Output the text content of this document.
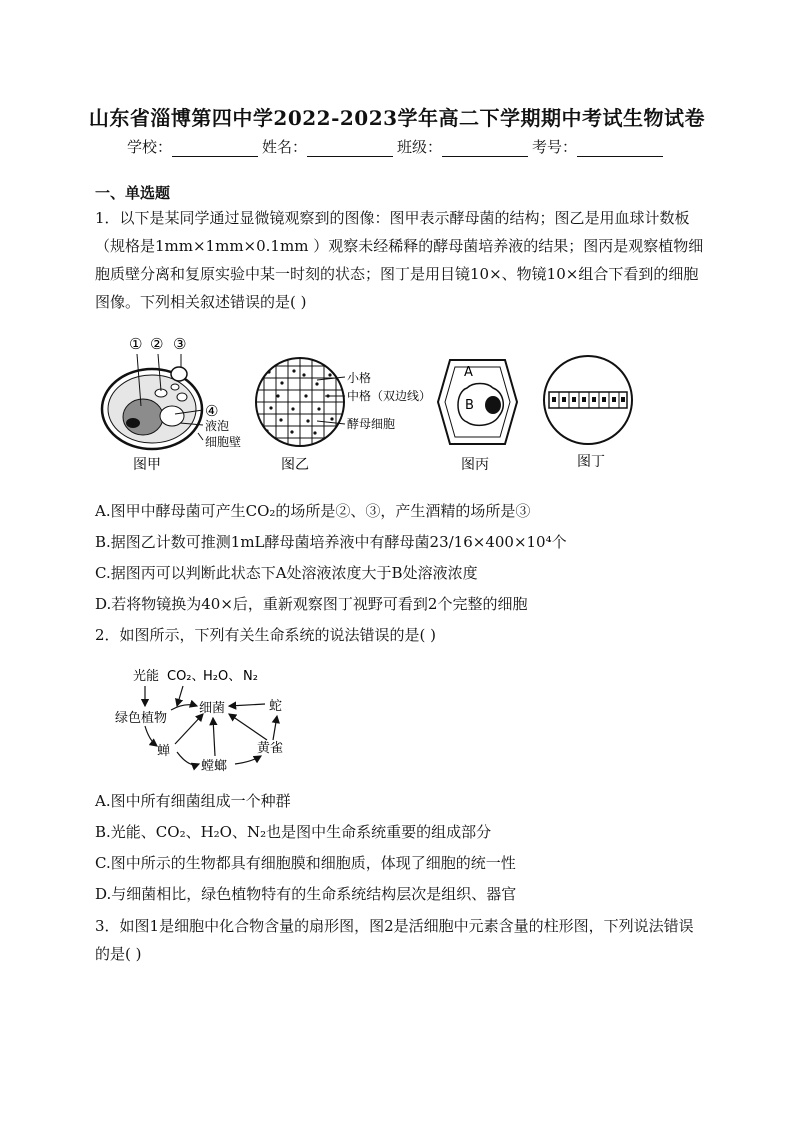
山东省淄博第四中学2022-2023学年高二下学期期中考试生物试卷
学校：	姓名：	班级：	考号：
一、单选题
1．以下是某同学通过显微镜观察到的图像：图甲表示酵母菌的结构；图乙是用血球计数板（规格是1mm×1mm×0.1mm ）观察未经稀释的酵母菌培养液的结果；图丙是观察植物细胞质壁分离和复原实验中某一时刻的状态；图丁是用目镜10×、物镜10×组合下看到的细胞图像。下列相关叙述错误的是( )
① ② ③
④
液泡
细胞壁
图甲
小格
中格（双边线）
酵母细胞
图乙
A
B
图丙	图丁
A.图甲中酵母菌可产生CO₂的场所是②、③，产生酒精的场所是③
B.据图乙计数可推测1mL酵母菌培养液中有酵母菌23/16×400×10⁴个
C.据图丙可以判断此状态下A处溶液浓度大于B处溶液浓度
D.若将物镜换为40×后，重新观察图丁视野可看到2个完整的细胞
2．如图所示，下列有关生命系统的说法错误的是( )
光能 CO₂、
H₂O、 N₂
绿色植物
细菌	蛇
蝉	黄雀
螳螂
A.图中所有细菌组成一个种群
B.光能、CO₂、H₂O、N₂也是图中生命系统重要的组成部分
C.图中所示的生物都具有细胞膜和细胞质，体现了细胞的统一性
D.与细菌相比，绿色植物特有的生命系统结构层次是组织、器官
3．如图1是细胞中化合物含量的扇形图，图2是活细胞中元素含量的柱形图，下列说法错误的是( )
